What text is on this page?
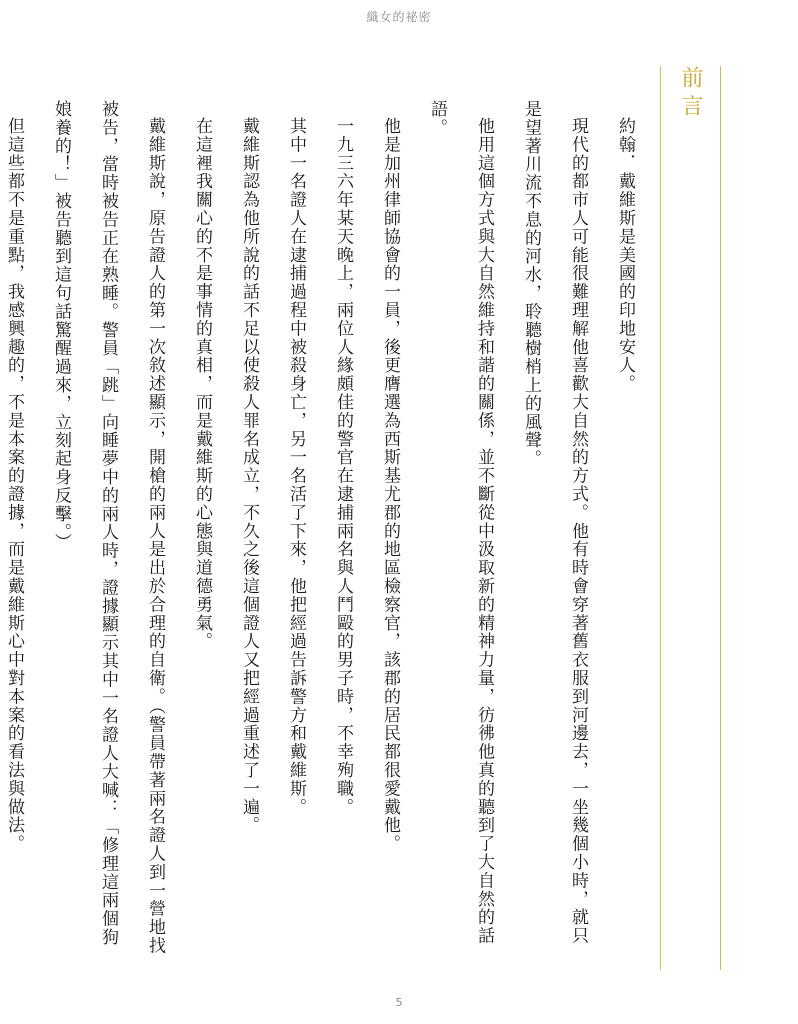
織女的祕密
前言

約翰．戴維斯是美國的印地安人。

現代的都市人可能很難理解他喜歡大自然的方式。他有時會穿著舊衣服到河邊去，一坐幾個小時，就只是望著川流不息的河水，聆聽樹梢上的風聲。

他用這個方式與大自然維持和諧的關係，並不斷從中汲取新的精神力量，彷彿他真的聽到了大自然的話語。

他是加州律師協會的一員，後更膺選為西斯基尤郡的地區檢察官，該郡的居民都很愛戴他。

一九三六年某天晚上，兩位人緣頗佳的警官在逮捕兩名與人鬥毆的男子時，不幸殉職。

其中一名證人在逮捕過程中被殺身亡，另一名活了下來，他把經過告訴警方和戴維斯。

戴維斯認為他所說的話不足以使殺人罪名成立，不久之後這個證人又把經過重述了一遍。

在這裡我關心的不是事情的真相，而是戴維斯的心態與道德勇氣。

戴維斯說，原告證人的第一次敘述顯示，開槍的兩人是出於合理的自衛。（警員帶著兩名證人到一營地找被告，當時被告正在熟睡。警員「跳」向睡夢中的兩人時，證據顯示其中一名證人大喊：「修理這兩個狗娘養的！」被告聽到這句話驚醒過來，立刻起身反擊。）

但這些都不是重點，我感興趣的，不是本案的證據，而是戴維斯心中對本案的看法與做法。

5
